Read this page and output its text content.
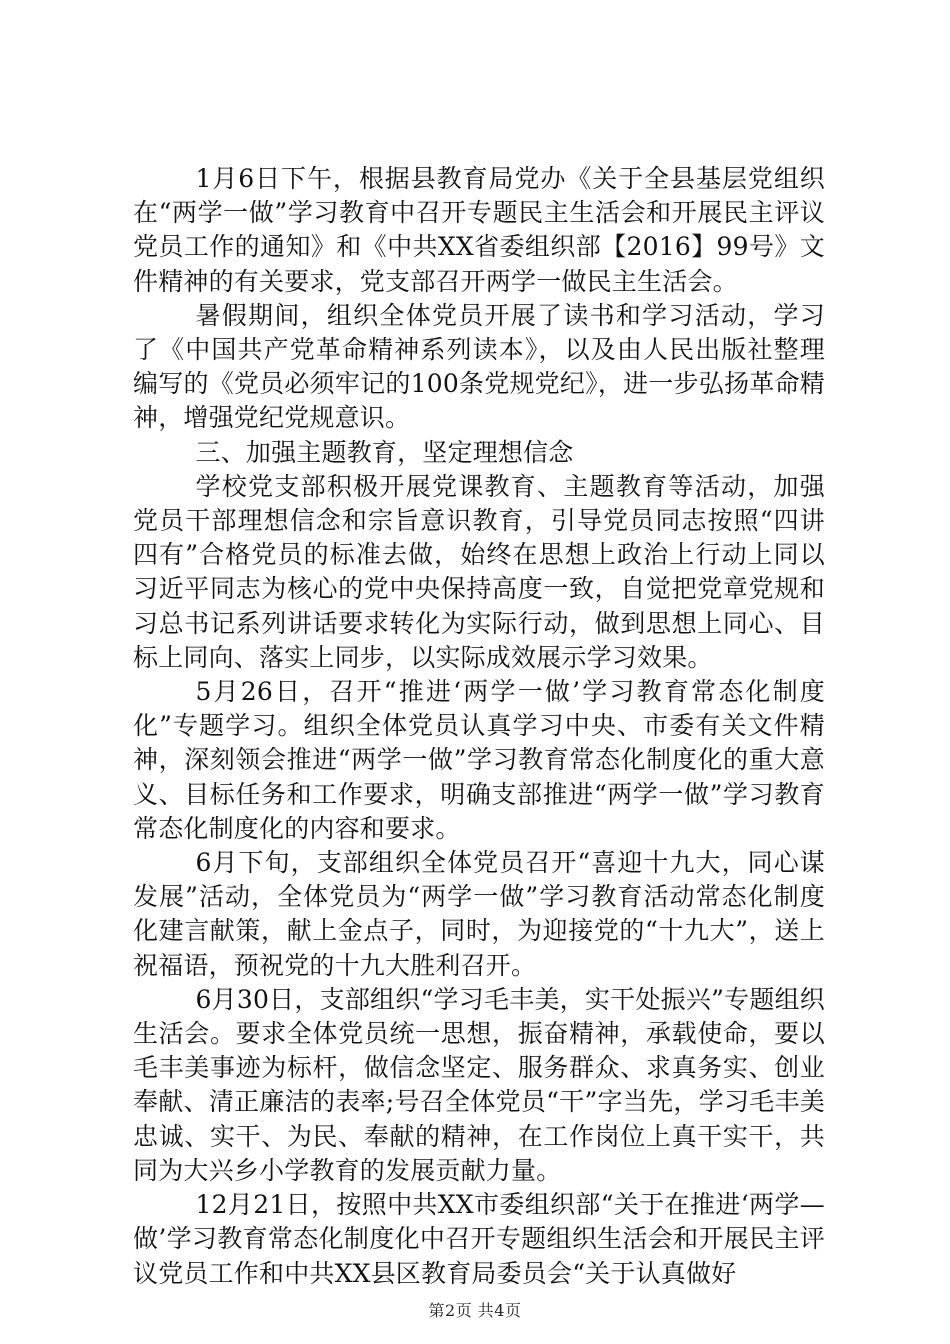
1月6日下午，根据县教育局党办《关于全县基层党组织在“两学一做”学习教育中召开专题民主生活会和开展民主评议党员工作的通知》和《中共XX省委组织部【2016】99号》文件精神的有关要求，党支部召开两学一做民主生活会。

暑假期间，组织全体党员开展了读书和学习活动，学习了《中国共产党革命精神系列读本》，以及由人民出版社整理编写的《党员必须牢记的100条党规党纪》，进一步弘扬革命精神，增强党纪党规意识。

三、加强主题教育，坚定理想信念

学校党支部积极开展党课教育、主题教育等活动，加强党员干部理想信念和宗旨意识教育，引导党员同志按照“四讲四有”合格党员的标准去做，始终在思想上政治上行动上同以习近平同志为核心的党中央保持高度一致，自觉把党章党规和习总书记系列讲话要求转化为实际行动，做到思想上同心、目标上同向、落实上同步，以实际成效展示学习效果。

5月26日，召开“推进‘两学一做’学习教育常态化制度化”专题学习。组织全体党员认真学习中央、市委有关文件精神，深刻领会推进“两学一做”学习教育常态化制度化的重大意义、目标任务和工作要求，明确支部推进“两学一做”学习教育常态化制度化的内容和要求。

6月下旬，支部组织全体党员召开“喜迎十九大，同心谋发展”活动，全体党员为“两学一做”学习教育活动常态化制度化建言献策，献上金点子，同时，为迎接党的“十九大”，送上祝福语，预祝党的十九大胜利召开。

6月30日，支部组织“学习毛丰美，实干处振兴”专题组织生活会。要求全体党员统一思想，振奋精神，承载使命，要以毛丰美事迹为标杆，做信念坚定、服务群众、求真务实、创业奉献、清正廉洁的表率;号召全体党员“干”字当先，学习毛丰美忠诚、实干、为民、奉献的精神，在工作岗位上真干实干，共同为大兴乡小学教育的发展贡献力量。

12月21日，按照中共XX市委组织部“关于在推进‘两学—做’学习教育常态化制度化中召开专题组织生活会和开展民主评议党员工作和中共XX县区教育局委员会“关于认真做好

第2页 共4页
